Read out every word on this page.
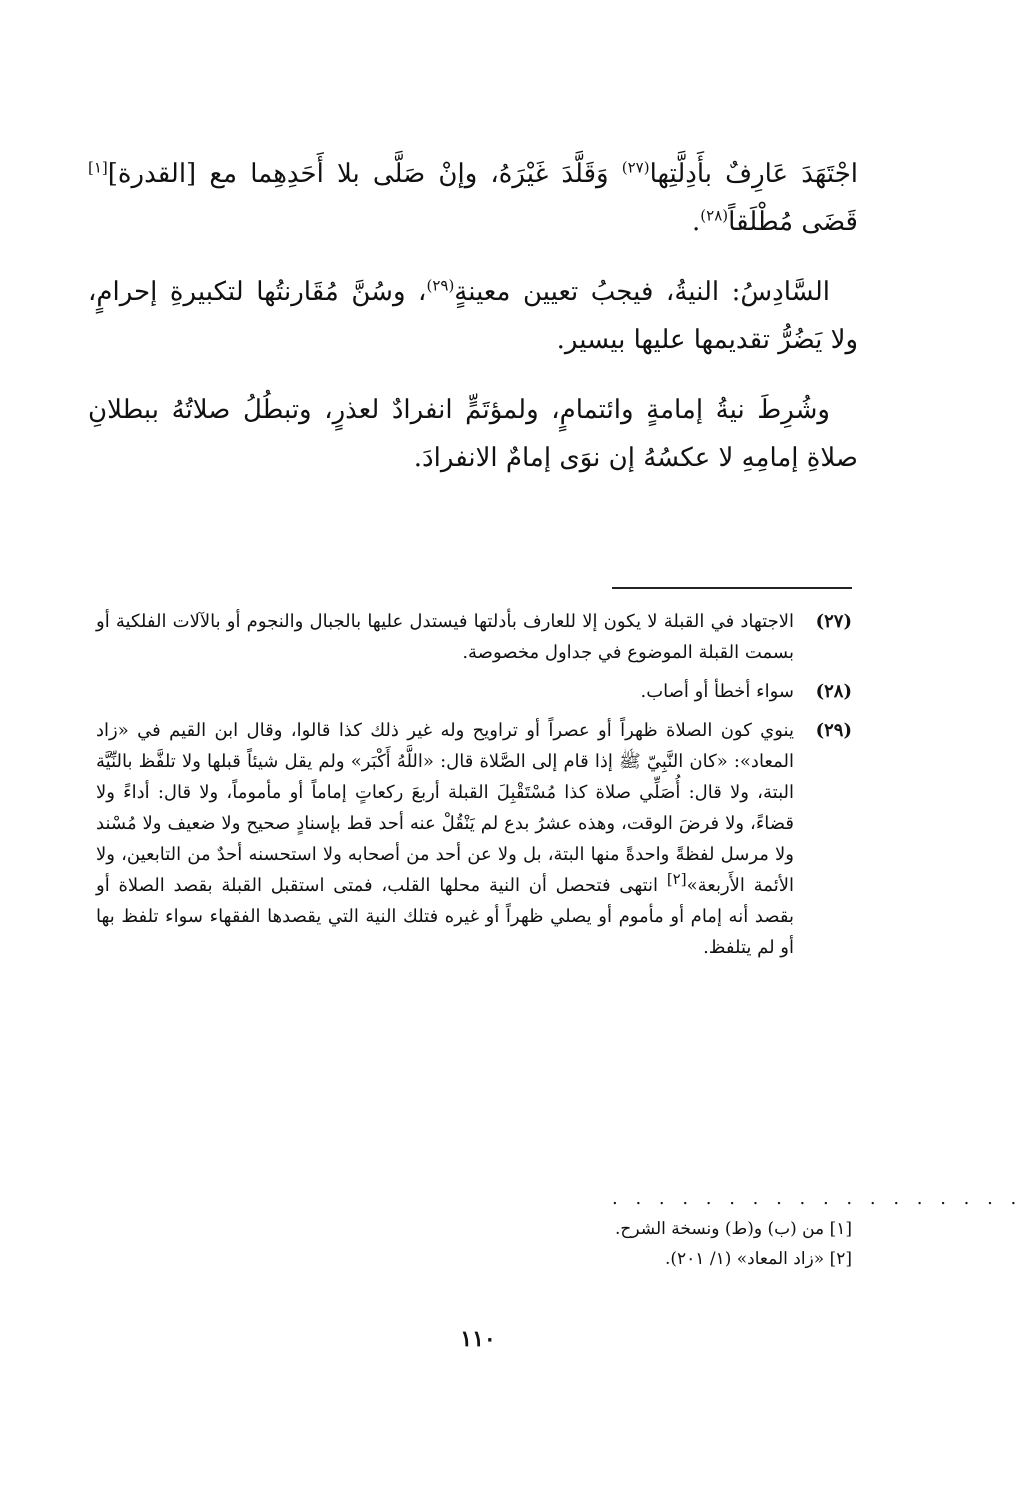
اجْتَهَدَ عَارِفٌ بأَدِلَّتِها$^{(٢٧)}$ وَقَلَّدَ غَيْرَهُ، وإنْ صَلَّى بلا أَحَدِهِما مع [القدرة][١] قَضَى مُطْلَقاً$^{(٢٨)}$.

السَّادِسُ: النيةُ، فيجبُ تعيين معينةٍ$^{(٢٩)}$، وسُنَّ مُقَارنتُها لتكبيرةِ إحرامٍ، ولا يَضُرُّ تقديمها عليها بيسير.

وشُرِطَ نيةُ إمامةٍ وائتمامٍ، ولمؤتَمٍّ انفرادٌ لعذرٍ، وتبطُلُ صلاتُهُ ببطلانِ صلاةِ إمامِهِ لا عكسُهُ إن نوَى إمامٌ الانفرادَ.

(٢٧)
الاجتهاد في القبلة لا يكون إلا للعارف بأدلتها فيستدل عليها بالجبال والنجوم أو بالآلات الفلكية أو بسمت القبلة الموضوع في جداول مخصوصة.
(٢٨)
سواء أخطأ أو أصاب.
(٢٩)
ينوي كون الصلاة ظهراً أو عصراً أو تراويح وله غير ذلك كذا قالوا، وقال ابن القيم في «زاد المعاد»: «كان النَّبِيّ ﷺ إذا قام إلى الصَّلاة قال: «اللَّهُ أَكْبَر» ولم يقل شيئاً قبلها ولا تلفَّظ بالنِّيَّة البتة، ولا قال: أُصَلِّي صلاة كذا مُسْتَقْبِلَ القبلة أربعَ ركعاتٍ إماماً أو مأموماً، ولا قال: أداءً ولا قضاءً، ولا فرضَ الوقت، وهذه عشرُ بدع لم يَنْقُلْ عنه أحد قط بإسنادٍ صحيح ولا ضعيف ولا مُسْند ولا مرسل لفظةً واحدةً منها البتة، بل ولا عن أحد من أصحابه ولا استحسنه أحدٌ من التابعين، ولا الأئمة الأَربعة»[٢] انتهى فتحصل أن النية محلها القلب، فمتى استقبل القبلة بقصد الصلاة أو بقصد أنه إمام أو مأموم أو يصلي ظهراً أو غيره فتلك النية التي يقصدها الفقهاء سواء تلفظ بها أو لم يتلفظ.
. . . . . . . . . . . . . . . . . .

[١] من (ب) و(ط) ونسخة الشرح.

[٢] «زاد المعاد» (١/ ٢٠١).

١١٠
